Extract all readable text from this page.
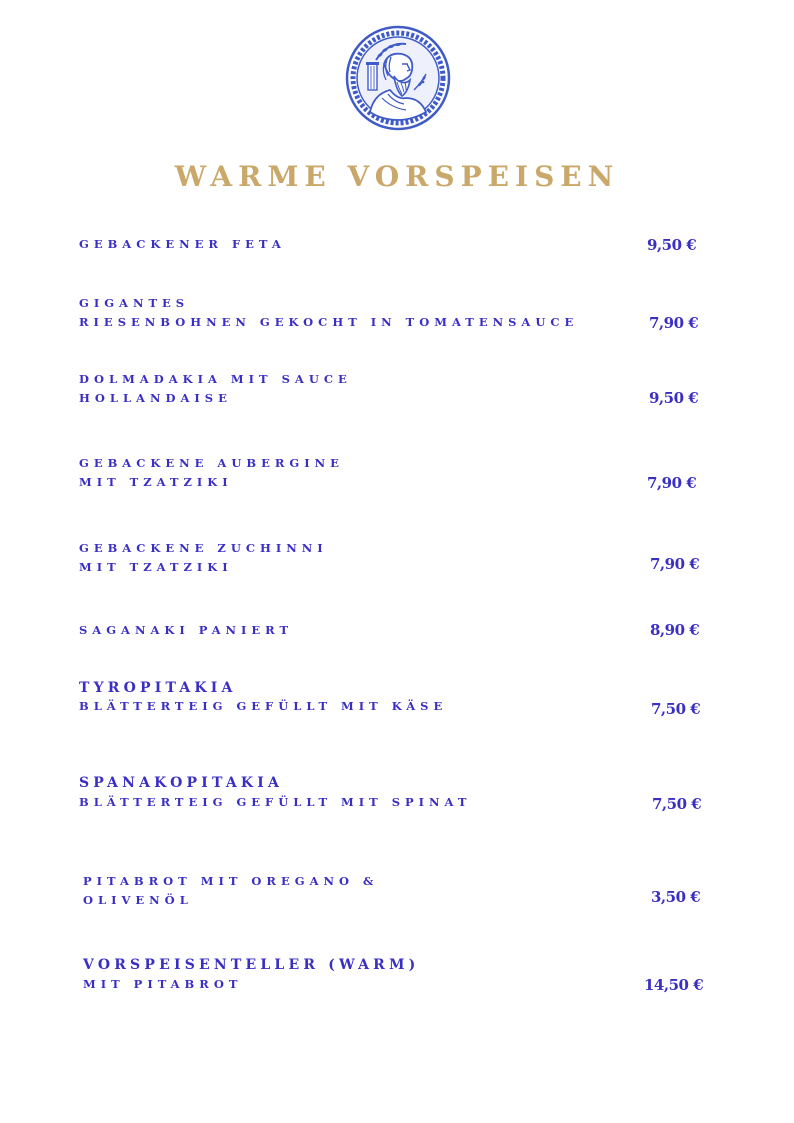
WARME VORSPEISEN
GEBACKENER FETA	9,50 €
GIGANTES
RIESENBOHNEN GEKOCHT IN TOMATENSAUCE	7,90 €
DOLMADAKIA MIT SAUCE
HOLLANDAISE	9,50 €
GEBACKENE AUBERGINE
MIT TZATZIKI	7,90 €
GEBACKENE ZUCHINNI
MIT TZATZIKI	7,90 €
SAGANAKI PANIERT	8,90 €
TYROPITAKIA
BLÄTTERTEIG GEFÜLLT MIT KÄSE	7,50 €
SPANAKOPITAKIA
BLÄTTERTEIG GEFÜLLT MIT SPINAT	7,50 €
PITABROT MIT OREGANO &
OLIVENÖL	3,50 €
VORSPEISENTELLER (WARM)
MIT PITABROT	14,50 €
